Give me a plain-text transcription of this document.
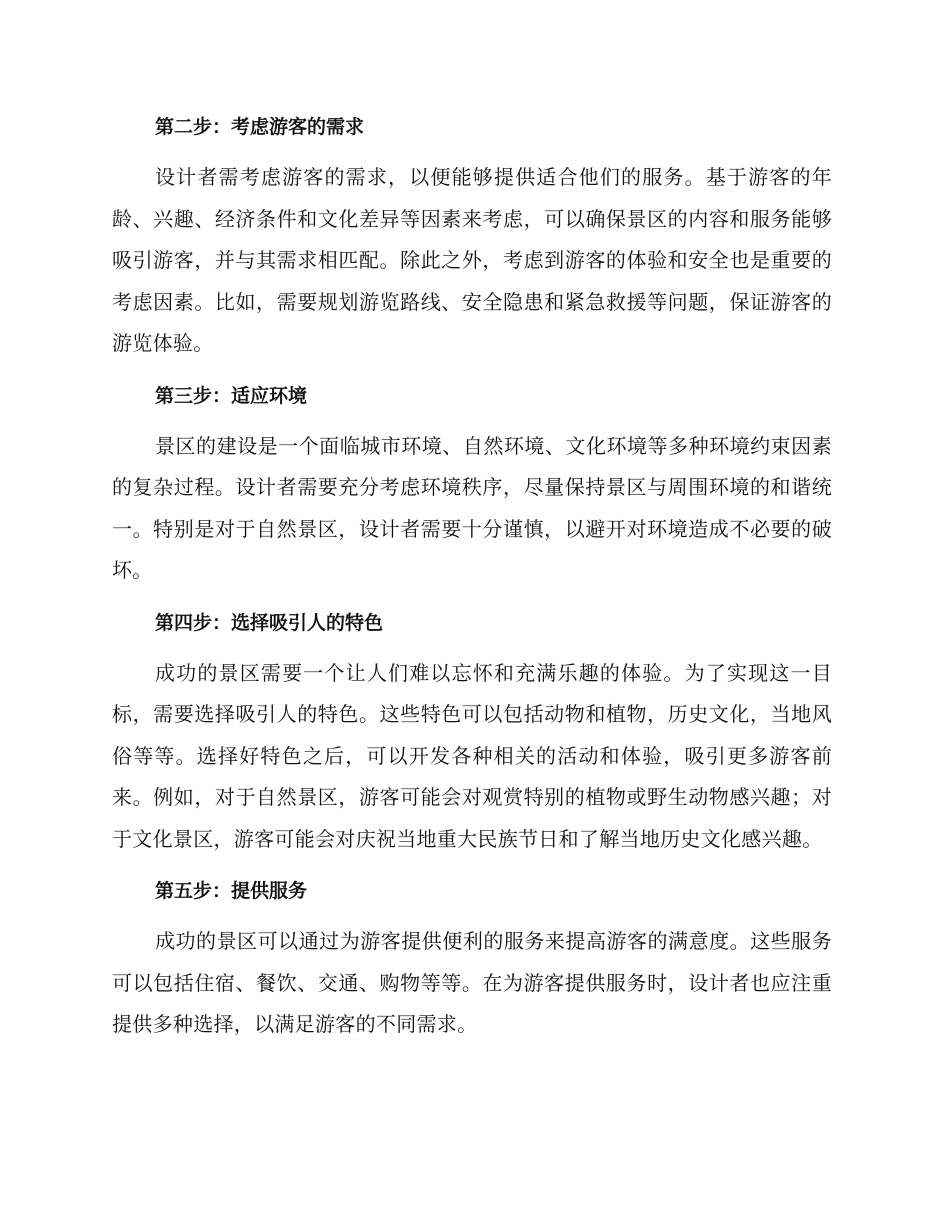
第二步：考虑游客的需求

设计者需考虑游客的需求，以便能够提供适合他们的服务。基于游客的年龄、兴趣、经济条件和文化差异等因素来考虑，可以确保景区的内容和服务能够吸引游客，并与其需求相匹配。除此之外，考虑到游客的体验和安全也是重要的考虑因素。比如，需要规划游览路线、安全隐患和紧急救援等问题，保证游客的游览体验。

第三步：适应环境

景区的建设是一个面临城市环境、自然环境、文化环境等多种环境约束因素的复杂过程。设计者需要充分考虑环境秩序，尽量保持景区与周围环境的和谐统一。特别是对于自然景区，设计者需要十分谨慎，以避开对环境造成不必要的破坏。

第四步：选择吸引人的特色

成功的景区需要一个让人们难以忘怀和充满乐趣的体验。为了实现这一目标，需要选择吸引人的特色。这些特色可以包括动物和植物，历史文化，当地风俗等等。选择好特色之后，可以开发各种相关的活动和体验，吸引更多游客前来。例如，对于自然景区，游客可能会对观赏特别的植物或野生动物感兴趣；对于文化景区，游客可能会对庆祝当地重大民族节日和了解当地历史文化感兴趣。

第五步：提供服务

成功的景区可以通过为游客提供便利的服务来提高游客的满意度。这些服务可以包括住宿、餐饮、交通、购物等等。在为游客提供服务时，设计者也应注重提供多种选择，以满足游客的不同需求。
